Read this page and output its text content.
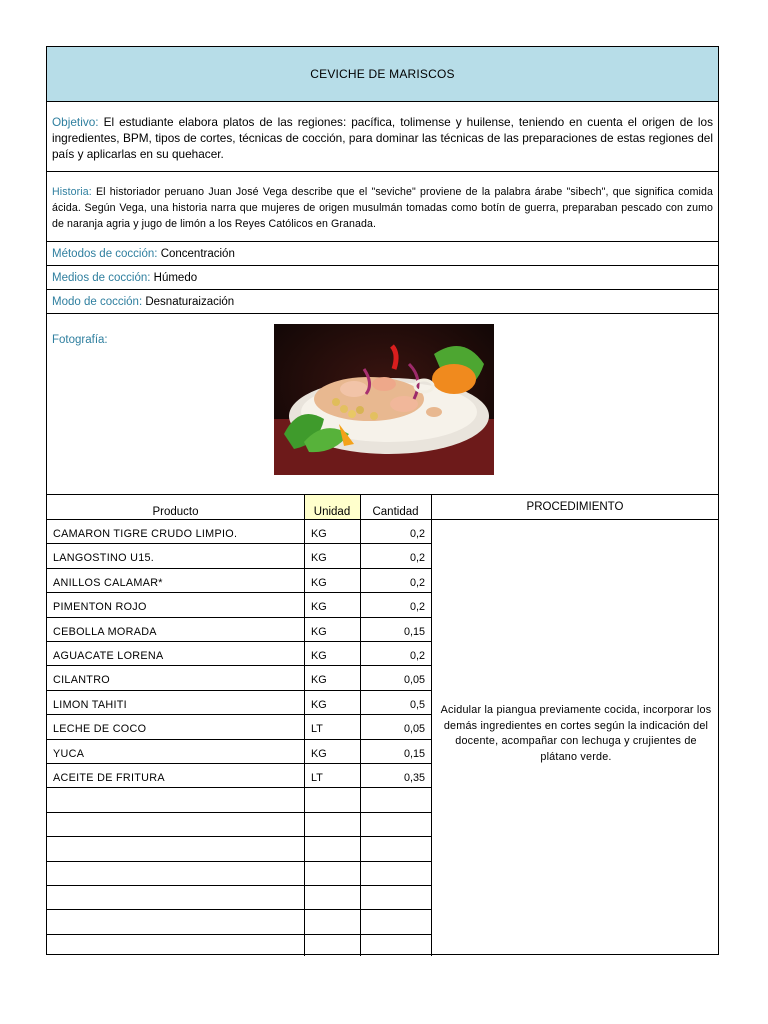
CEVICHE DE MARISCOS
Objetivo: El estudiante elabora platos de las regiones: pacífica, tolimense y huilense, teniendo en cuenta el origen de los ingredientes, BPM, tipos de cortes, técnicas de cocción, para dominar las técnicas de las preparaciones de estas regiones del país y aplicarlas en su quehacer.
Historia: El historiador peruano Juan José Vega describe que el "seviche" proviene de la palabra árabe "sibech", que significa comida ácida. Según Vega, una historia narra que mujeres de origen musulmán tomadas como botín de guerra, preparaban pescado con zumo de naranja agria y jugo de limón a los Reyes Católicos en Granada.
Métodos de cocción:
Concentración
Medios de cocción:
Húmedo
Modo de cocción:
Desnaturaización
Fotografía:
Producto	Unidad	Cantidad	PROCEDIMIENTO
CAMARON TIGRE CRUDO LIMPIO.	KG	0,2
LANGOSTINO U15.	KG	0,2
ANILLOS CALAMAR*	KG	0,2
PIMENTON ROJO	KG	0,2
CEBOLLA MORADA	KG	0,15
AGUACATE LORENA	KG	0,2
CILANTRO	KG	0,05
LIMON TAHITI	KG	0,5
LECHE DE COCO	LT	0,05
YUCA	KG	0,15
ACEITE DE FRITURA	LT	0,35
Acidular la piangua previamente cocida, incorporar los demás ingredientes en cortes según la indicación del docente, acompañar con lechuga y crujientes de plátano verde.
